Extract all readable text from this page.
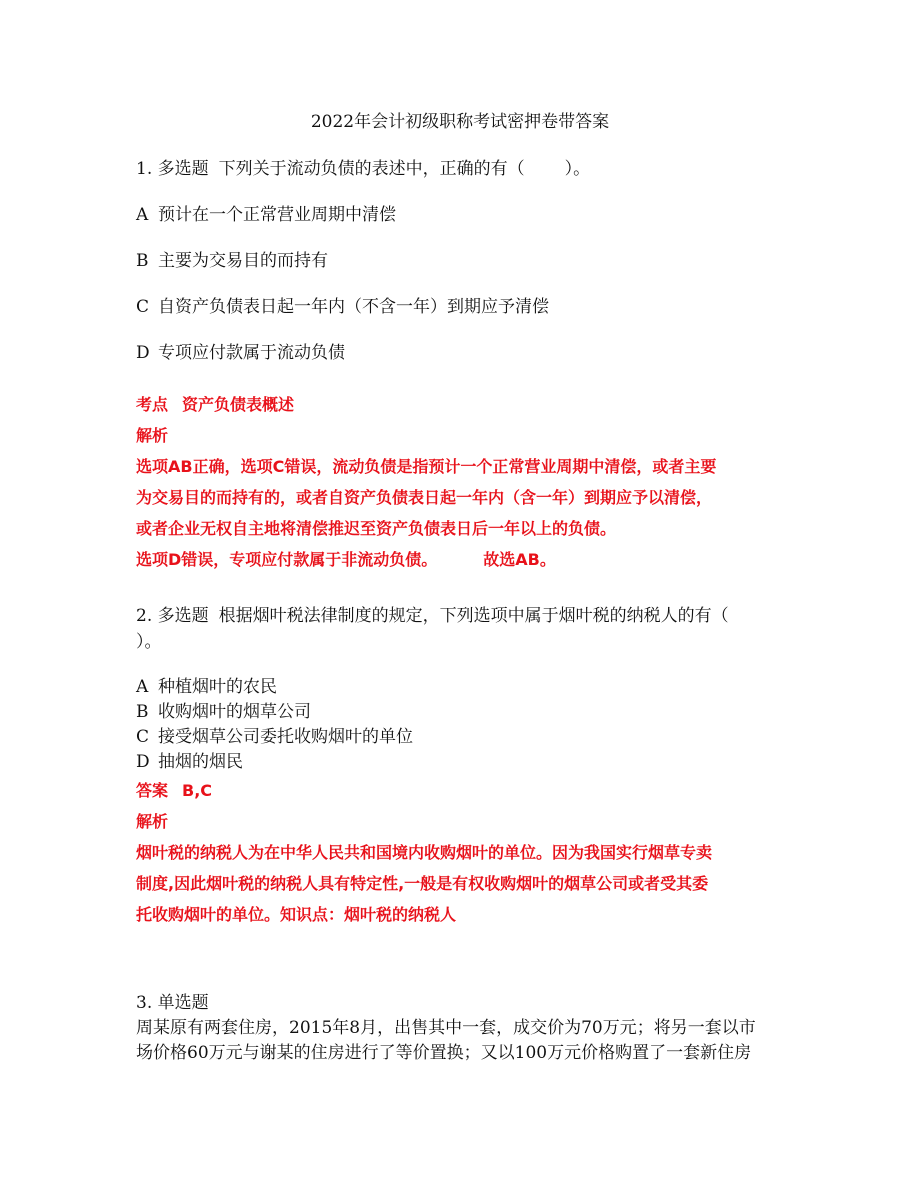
2022年会计初级职称考试密押卷带答案
1. 多选题 下列关于流动负债的表述中，正确的有（ ）。
A 预计在一个正常营业周期中清偿
B 主要为交易目的而持有
C 自资产负债表日起一年内（不含一年）到期应予清偿
D 专项应付款属于流动负债
考点 资产负债表概述
解析
选项AB正确，选项C错误，流动负债是指预计一个正常营业周期中清偿，或者主要
为交易目的而持有的，或者自资产负债表日起一年内（含一年）到期应予以清偿，
或者企业无权自主地将清偿推迟至资产负债表日后一年以上的负债。
选项D错误，专项应付款属于非流动负债。	故选AB。
2. 多选题 根据烟叶税法律制度的规定，下列选项中属于烟叶税的纳税人的有（
）。
A 种植烟叶的农民
B 收购烟叶的烟草公司
C 接受烟草公司委托收购烟叶的单位
D 抽烟的烟民
答案 B,C
解析
烟叶税的纳税人为在中华人民共和国境内收购烟叶的单位。因为我国实行烟草专卖
制度,因此烟叶税的纳税人具有特定性,一般是有权收购烟叶的烟草公司或者受其委
托收购烟叶的单位。知识点：烟叶税的纳税人
3. 单选题
周某原有两套住房，2015年8月，出售其中一套，成交价为70万元；将另一套以市
场价格60万元与谢某的住房进行了等价置换；又以100万元价格购置了一套新住房
